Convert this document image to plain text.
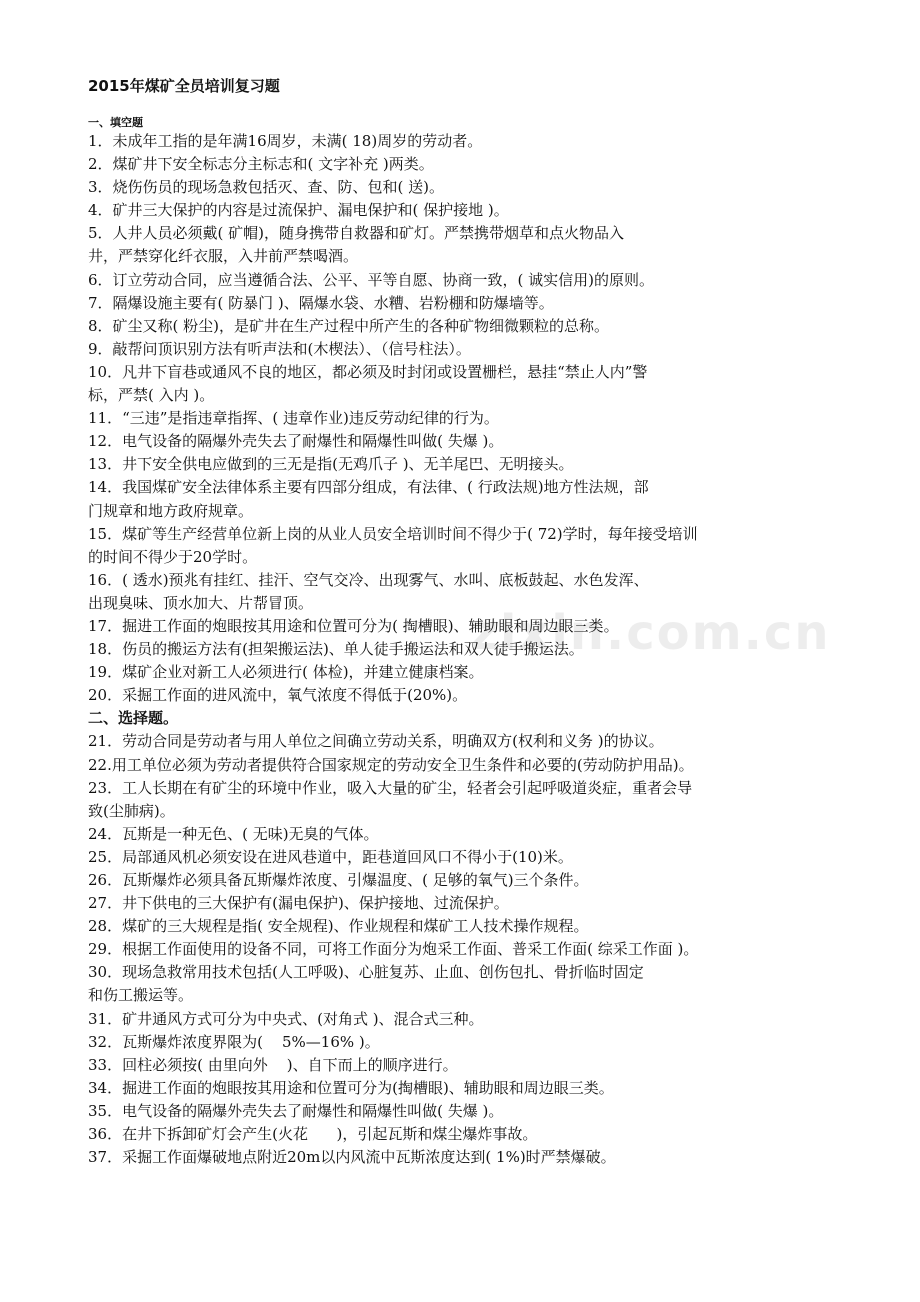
2015年煤矿全员培训复习题
一、填空题
1．未成年工指的是年满16周岁，未满( 18)周岁的劳动者。
2．煤矿井下安全标志分主标志和( 文字补充 )两类。
3．烧伤伤员的现场急救包括灭、查、防、包和( 送)。
4．矿井三大保护的内容是过流保护、漏电保护和( 保护接地 )。
5．人井人员必须戴( 矿帽)，随身携带自救器和矿灯。严禁携带烟草和点火物品入
井，严禁穿化纤衣服，入井前严禁喝酒。
6．订立劳动合同，应当遵循合法、公平、平等自愿、协商一致，( 诚实信用)的原则。
7．隔爆设施主要有( 防暴门 )、隔爆水袋、水糟、岩粉棚和防爆墙等。
8．矿尘又称( 粉尘)，是矿井在生产过程中所产生的各种矿物细微颗粒的总称。
9．敲帮问顶识别方法有听声法和(木楔法）、（信号柱法）。
10．凡井下盲巷或通风不良的地区，都必须及时封闭或设置栅栏，悬挂“禁止人内”警
标，严禁( 入内 )。
11．“三违”是指违章指挥、( 违章作业)违反劳动纪律的行为。
12．电气设备的隔爆外壳失去了耐爆性和隔爆性叫做( 失爆 )。
13．井下安全供电应做到的三无是指(无鸡爪子 )、无羊尾巴、无明接头。
14．我国煤矿安全法律体系主要有四部分组成，有法律、( 行政法规)地方性法规，部
门规章和地方政府规章。
15．煤矿等生产经营单位新上岗的从业人员安全培训时间不得少于( 72)学时，每年接受培训
的时间不得少于20学时。
16．( 透水)预兆有挂红、挂汗、空气交冷、出现雾气、水叫、底板鼓起、水色发浑、
出现臭味、顶水加大、片帮冒顶。
17．掘进工作面的炮眼按其用途和位置可分为( 掏槽眼)、辅助眼和周边眼三类。
18．伤员的搬运方法有(担架搬运法)、单人徒手搬运法和双人徒手搬运法。
19．煤矿企业对新工人必须进行( 体检)，并建立健康档案。
20．采掘工作面的进风流中，氧气浓度不得低于(20%)。
二、选择题。
21．劳动合同是劳动者与用人单位之间确立劳动关系，明确双方(权利和义务 )的协议。
22.用工单位必须为劳动者提供符合国家规定的劳动安全卫生条件和必要的(劳动防护用品)。
23．工人长期在有矿尘的环境中作业，吸入大量的矿尘，轻者会引起呼吸道炎症，重者会导
致(尘肺病)。
24．瓦斯是一种无色、( 无味)无臭的气体。
25．局部通风机必须安设在进风巷道中，距巷道回风口不得小于(10)米。
26．瓦斯爆炸必须具备瓦斯爆炸浓度、引爆温度、( 足够的氧气)三个条件。
27．井下供电的三大保护有(漏电保护)、保护接地、过流保护。
28．煤矿的三大规程是指( 安全规程)、作业规程和煤矿工人技术操作规程。
29．根据工作面使用的设备不同，可将工作面分为炮采工作面、普采工作面( 综采工作面 )。
30．现场急救常用技术包括(人工呼吸)、心脏复苏、止血、创伤包扎、骨折临时固定
和伤工搬运等。
31．矿井通风方式可分为中央式、(对角式 )、混合式三种。
32．瓦斯爆炸浓度界限为(    5%—16% )。
33．回柱必须按( 由里向外    )、自下而上的顺序进行。
34．掘进工作面的炮眼按其用途和位置可分为(掏槽眼)、辅助眼和周边眼三类。
35．电气设备的隔爆外壳失去了耐爆性和隔爆性叫做( 失爆 )。
36．在井下拆卸矿灯会产生(火花      )，引起瓦斯和煤尘爆炸事故。
37．采掘工作面爆破地点附近20m以内风流中瓦斯浓度达到( 1%)时严禁爆破。
zixin.com.cn
